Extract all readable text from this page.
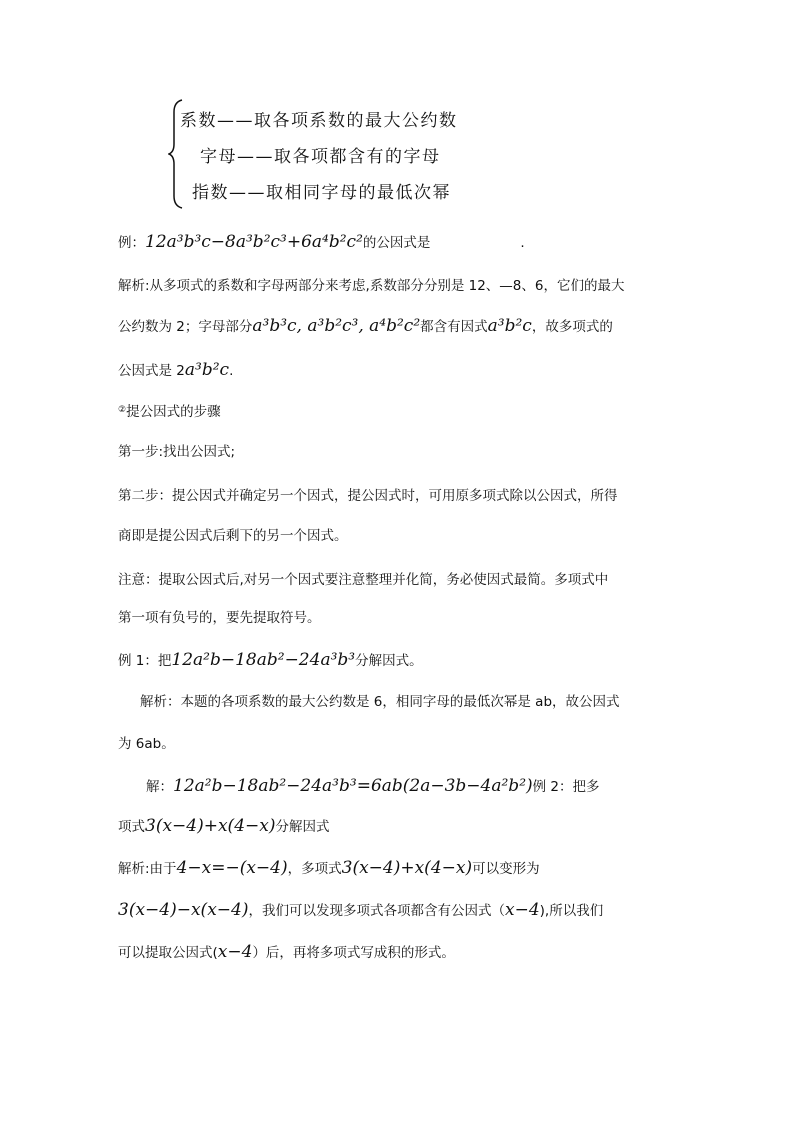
系数——取各项系数的最大公约数
字母——取各项都含有的字母
指数——取相同字母的最低次幂
例：12a³b³c−8a³b²c³+6a⁴b²c²的公因式是	.
解析:从多项式的系数和字母两部分来考虑,系数部分分别是 12、—8、6，它们的最大
公约数为 2；字母部分a³b³c, a³b²c³, a⁴b²c²都含有因式a³b²c，故多项式的
公因式是 2a³b²c.
②提公因式的步骤
第一步:找出公因式;
第二步：提公因式并确定另一个因式，提公因式时，可用原多项式除以公因式，所得
商即是提公因式后剩下的另一个因式。
注意：提取公因式后,对另一个因式要注意整理并化简，务必使因式最简。多项式中
第一项有负号的，要先提取符号。
例 1：把12a²b−18ab²−24a³b³分解因式。
解析：本题的各项系数的最大公约数是 6，相同字母的最低次幂是 ab，故公因式
为 6ab。
解：12a²b−18ab²−24a³b³=6ab(2a−3b−4a²b²)例 2：把多
项式3(x−4)+x(4−x)分解因式
解析:由于4−x=−(x−4)，多项式3(x−4)+x(4−x)可以变形为
3(x−4)−x(x−4)，我们可以发现多项式各项都含有公因式（x−4),所以我们
可以提取公因式(x−4）后，再将多项式写成积的形式。
